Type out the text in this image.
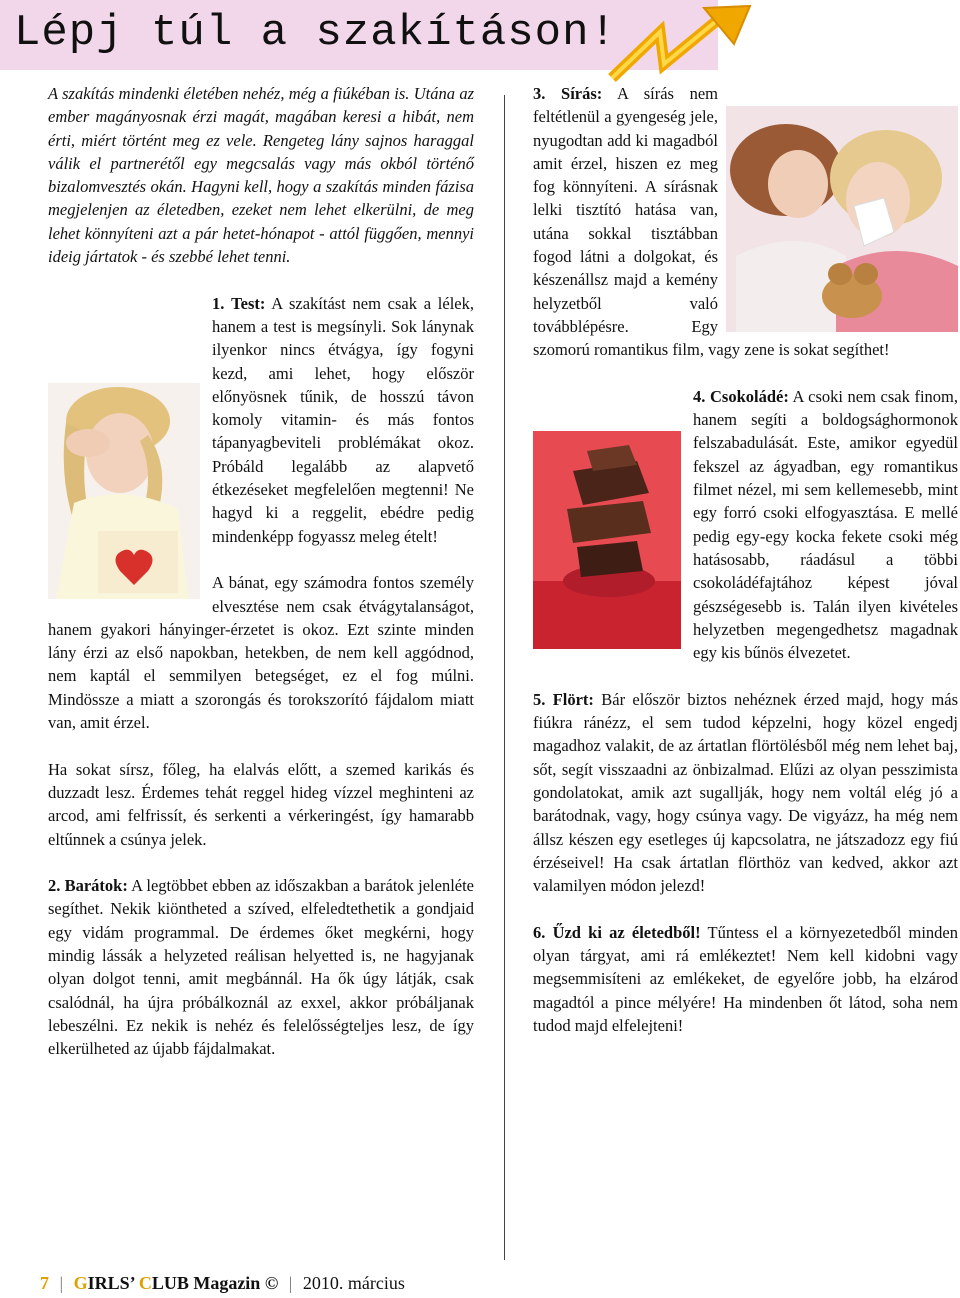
Lépj túl a szakításon!

A szakítás mindenki életében nehéz, még a fiúkéban is. Utána az ember magányosnak érzi magát, magában keresi a hibát, nem érti, miért történt meg ez vele. Rengeteg lány sajnos haraggal válik el partnerétől egy megcsalás vagy más okból történő bizalomvesztés okán. Hagyni kell, hogy a szakítás minden fázisa megjelenjen az életedben, ezeket nem lehet elkerülni, de meg lehet könnyíteni azt a pár hetet-hónapot - attól függően, mennyi ideig jártatok - és szebbé lehet tenni.

1. Test: A szakítást nem csak a lélek, hanem a test is megsínyli. Sok lánynak ilyenkor nincs étvágya, így fogyni kezd, ami lehet, hogy először előnyösnek tűnik, de hosszú távon komoly vitamin- és más fontos tápanyagbeviteli problémákat okoz. Próbáld legalább az alapvető étkezéseket megfelelően megtenni! Ne hagyd ki a reggelit, ebédre pedig mindenképp fogyassz meleg ételt!

A bánat, egy számodra fontos személy elvesztése nem csak étvágytalanságot, hanem gyakori hányinger-érzetet is okoz. Ezt szinte minden lány érzi az első napokban, hetekben, de nem kell aggódnod, nem kaptál el semmilyen betegséget, ez el fog múlni. Mindössze a miatt a szorongás és torokszorító fájdalom miatt van, amit érzel.

Ha sokat sírsz, főleg, ha elalvás előtt, a szemed karikás és duzzadt lesz. Érdemes tehát reggel hideg vízzel meghinteni az arcod, ami felfrissít, és serkenti a vérkeringést, így hamarabb eltűnnek a csúnya jelek.

2. Barátok: A legtöbbet ebben az időszakban a barátok jelenléte segíthet. Nekik kiöntheted a szíved, elfeledtethetik a gondjaid egy vidám programmal. De érdemes őket megkérni, hogy mindig lássák a helyzeted reálisan helyetted is, ne hagyjanak olyan dolgot tenni, amit megbánnál. Ha ők úgy látják, csak csalódnál, ha újra próbálkoznál az exxel, akkor próbáljanak lebeszélni. Ez nekik is nehéz és felelősségteljes lesz, de így elkerülheted az újabb fájdalmakat.

3. Sírás: A sírás nem feltétlenül a gyengeség jele, nyugodtan add ki magadból amit érzel, hiszen ez meg fog könnyíteni. A sírásnak lelki tisztító hatása van, utána sokkal tisztábban fogod látni a dolgokat, és készenállsz majd a kemény helyzetből való továbblépésre. Egy szomorú romantikus film, vagy zene is sokat segíthet!

4. Csokoládé: A csoki nem csak finom, hanem segíti a boldogsághormonok felszabadulását. Este, amikor egyedül fekszel az ágyadban, egy romantikus filmet nézel, mi sem kellemesebb, mint egy forró csoki elfogyasztása. E mellé pedig egy-egy kocka fekete csoki még hatásosabb, ráadásul a többi csokoládéfajtához képest jóval gészségesebb is. Talán ilyen kivételes helyzetben megengedhetsz magadnak egy kis bűnös élvezetet.

5. Flört: Bár először biztos nehéznek érzed majd, hogy más fiúkra ránézz, el sem tudod képzelni, hogy közel engedj magadhoz valakit, de az ártatlan flörtölésből még nem lehet baj, sőt, segít visszaadni az önbizalmad. Elűzi az olyan pesszimista gondolatokat, amik azt sugallják, hogy nem voltál elég jó a barátodnak, vagy, hogy csúnya vagy. De vigyázz, ha még nem állsz készen egy esetleges új kapcsolatra, ne játszadozz egy fiú érzéseivel! Ha csak ártatlan flörthöz van kedved, akkor azt valamilyen módon jelezd!

6. Űzd ki az életedből! Tűntess el a környezetedből minden olyan tárgyat, ami rá emlékeztet! Nem kell kidobni vagy megsemmisíteni az emlékeket, de egyelőre jobb, ha elzárod magadtól a pince mélyére! Ha mindenben őt látod, soha nem tudod majd elfelejteni!

7 | GIRLS’ CLUB Magazin © | 2010. március
